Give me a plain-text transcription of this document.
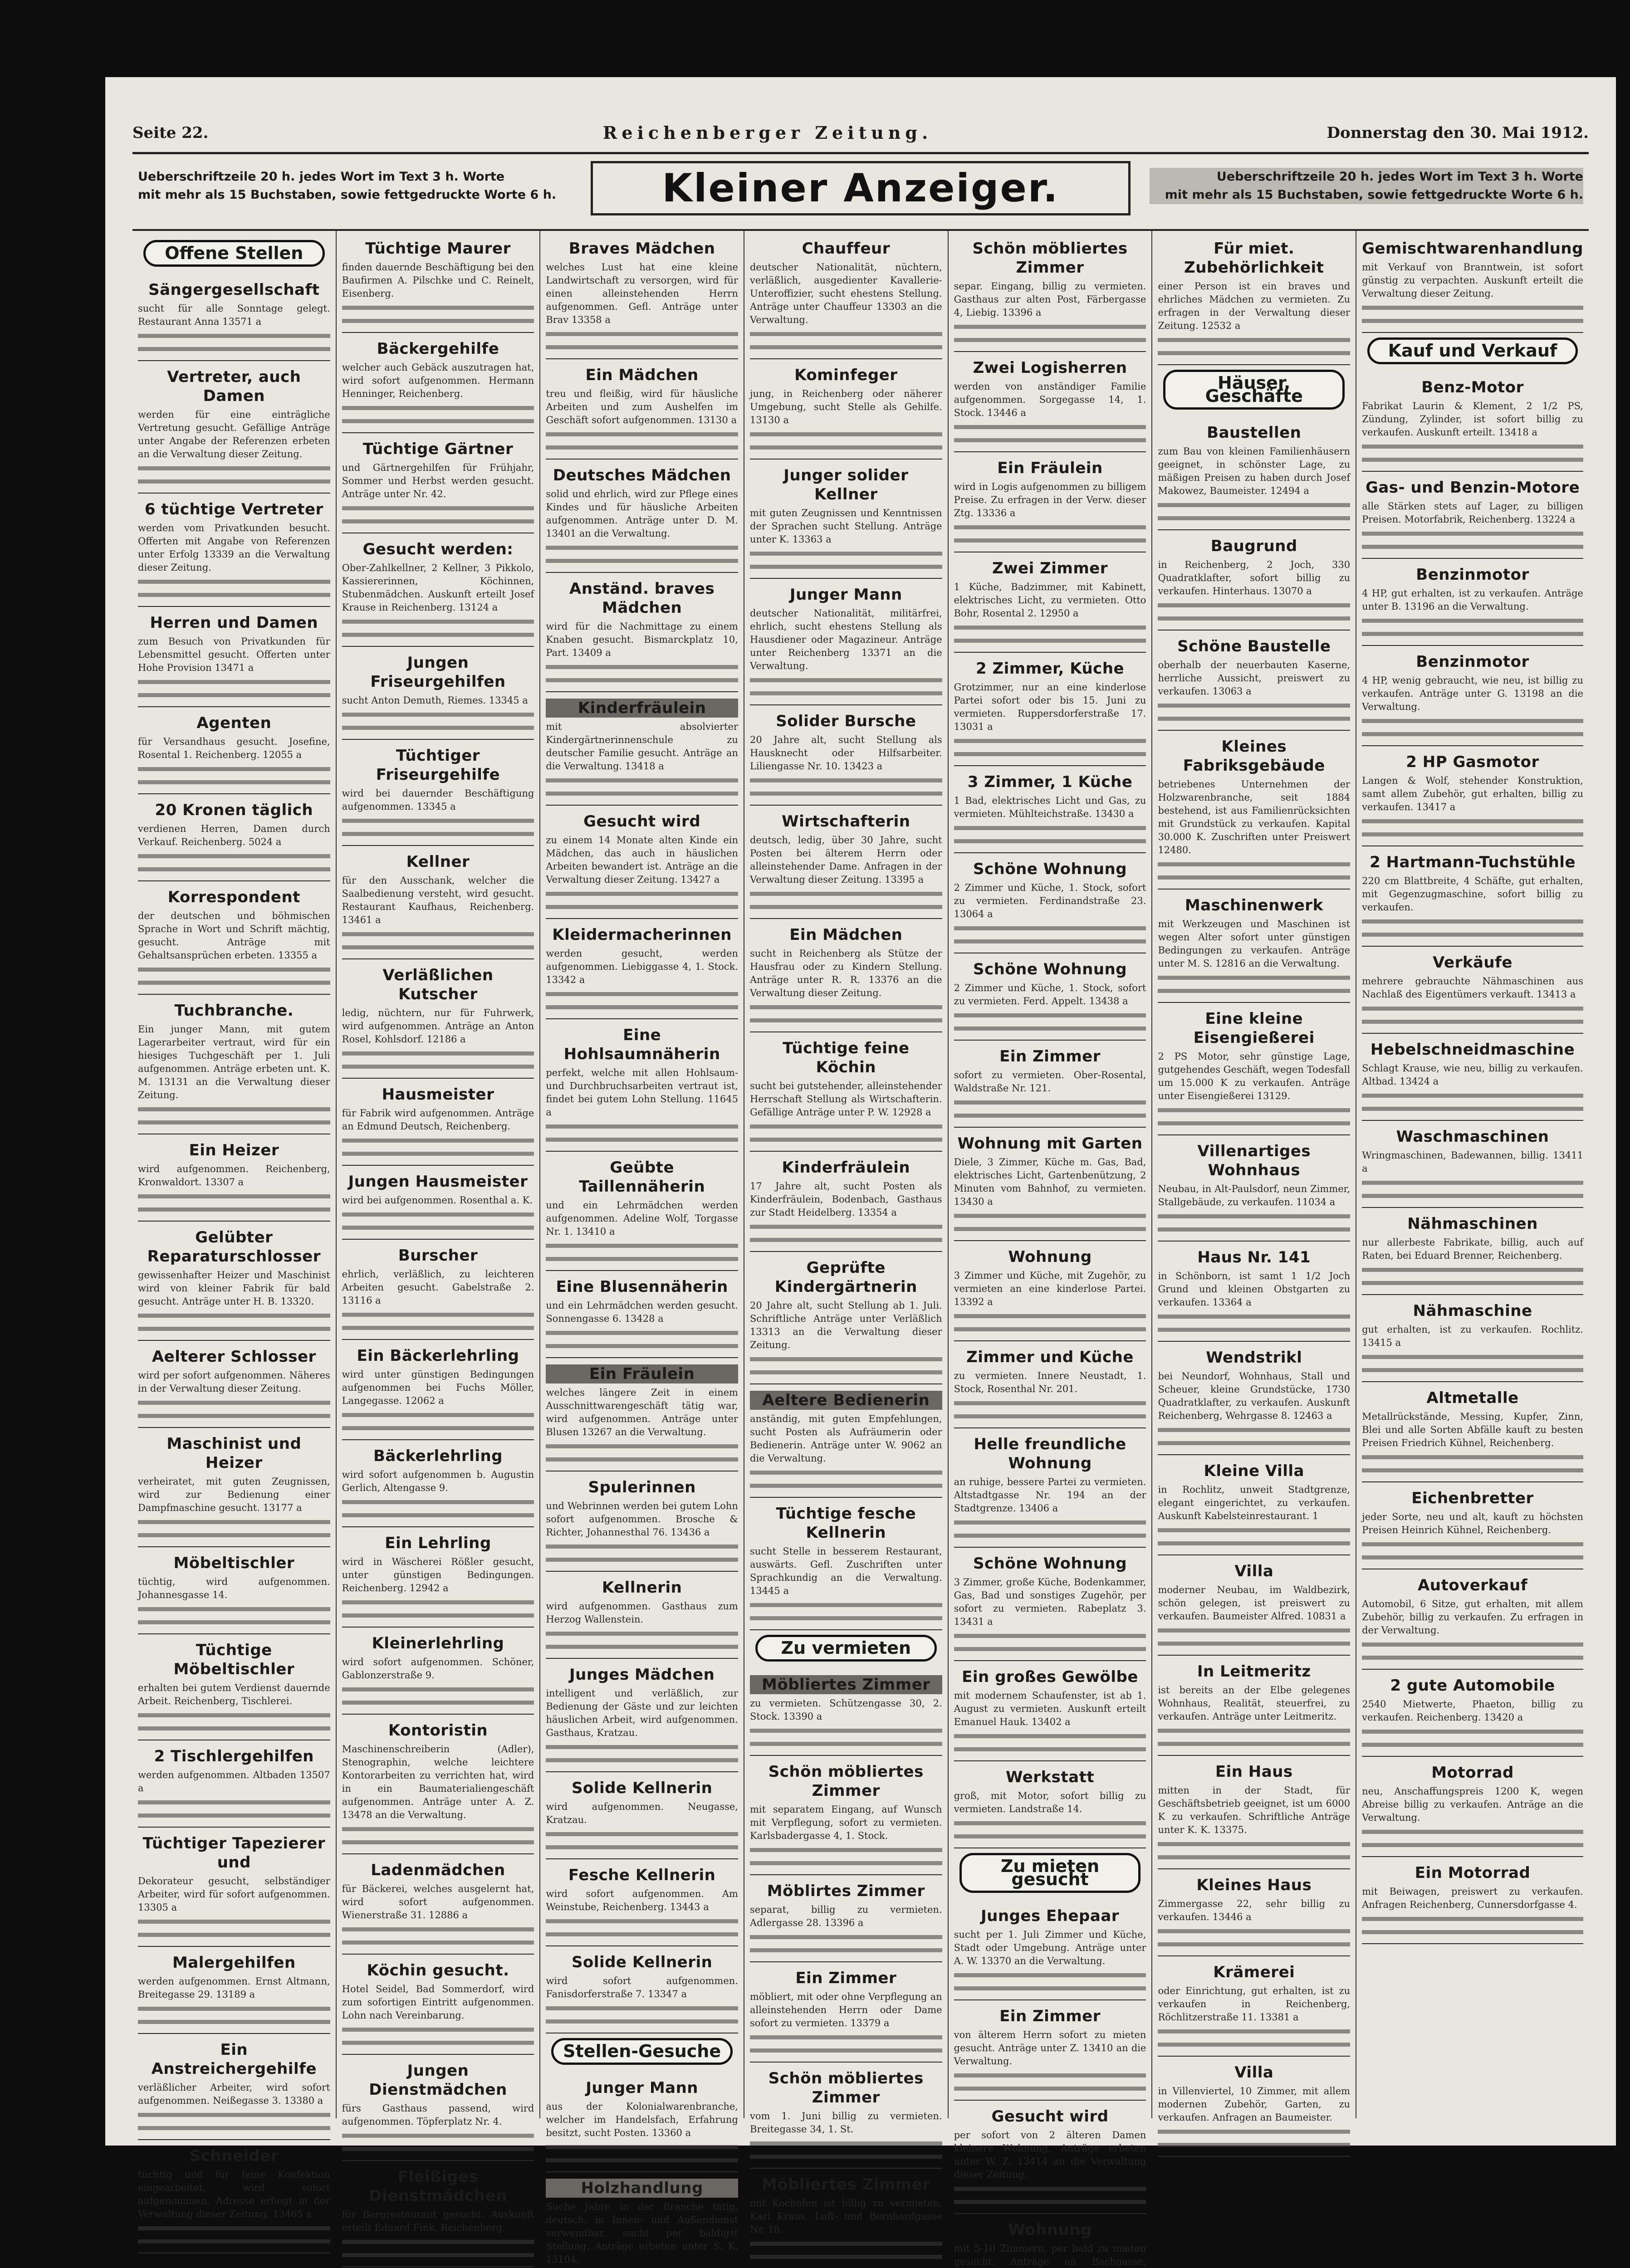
Seite 22.	Reichenberger Zeitung.	Donnerstag den 30. Mai 1912.
Ueberschriftzeile 20 h. jedes Wort im Text 3 h. Worte
mit mehr als 15 Buchstaben, sowie fettgedruckte Worte 6 h.	Kleiner Anzeiger.	Ueberschriftzeile 20 h. jedes Wort im Text 3 h. Worte
mit mehr als 15 Buchstaben, sowie fettgedruckte Worte 6 h.
Offene Stellen
Sängergesellschaft
sucht für alle Sonntage gelegt. Restaurant Anna 13571 a
Vertreter, auch Damen
werden für eine einträgliche Vertretung gesucht. Gefällige Anträge unter Angabe der Referenzen erbeten an die Verwaltung dieser Zeitung.
6 tüchtige Vertreter
werden vom Privatkunden besucht. Offerten mit Angabe von Referenzen unter Erfolg 13339 an die Verwaltung dieser Zeitung.
Herren und Damen
zum Besuch von Privatkunden für Lebensmittel gesucht. Offerten unter Hohe Provision 13471 a
Agenten
für Versandhaus gesucht. Josefine, Rosental 1. Reichenberg. 12055 a
20 Kronen täglich
verdienen Herren, Damen durch Verkauf. Reichenberg. 5024 a
Korrespondent
der deutschen und böhmischen Sprache in Wort und Schrift mächtig, gesucht. Anträge mit Gehaltsansprüchen erbeten. 13355 a
Tuchbranche.
Ein junger Mann, mit gutem Lagerarbeiter vertraut, wird für ein hiesiges Tuchgeschäft per 1. Juli aufgenommen. Anträge erbeten unt. K. M. 13131 an die Verwaltung dieser Zeitung.
Ein Heizer
wird aufgenommen. Reichenberg, Kronwaldort. 13307 a
Gelübter Reparaturschlosser
gewissenhafter Heizer und Maschinist wird von kleiner Fabrik für bald gesucht. Anträge unter H. B. 13320.
Aelterer Schlosser
wird per sofort aufgenommen. Näheres in der Verwaltung dieser Zeitung.
Maschinist und Heizer
verheiratet, mit guten Zeugnissen, wird zur Bedienung einer Dampfmaschine gesucht. 13177 a
Möbeltischler
tüchtig, wird aufgenommen. Johannesgasse 14.
Tüchtige Möbeltischler
erhalten bei gutem Verdienst dauernde Arbeit. Reichenberg, Tischlerei.
2 Tischlergehilfen
werden aufgenommen. Altbaden 13507 a
Tüchtiger Tapezierer und
Dekorateur gesucht, selbständiger Arbeiter, wird für sofort aufgenommen. 13305 a
Malergehilfen
werden aufgenommen. Ernst Altmann, Breitegasse 29. 13189 a
Ein Anstreichergehilfe
verläßlicher Arbeiter, wird sofort aufgenommen. Neißegasse 3. 13380 a
Schneider
tüchtig und für feine Konfektion eingearbeitet, wird sofort aufgenommen. Adresse erliegt in der Verwaltung dieser Zeitung. 13465 a
Tüchtige Maurer
finden dauernde Beschäftigung bei den Baufirmen A. Pilschke und C. Reinelt, Eisenberg.
Bäckergehilfe
welcher auch Gebäck auszutragen hat, wird sofort aufgenommen. Hermann Henninger, Reichenberg.
Tüchtige Gärtner
und Gärtnergehilfen für Frühjahr, Sommer und Herbst werden gesucht. Anträge unter Nr. 42.
Gesucht werden:
Ober-Zahlkellner, 2 Kellner, 3 Pikkolo, Kassiererinnen, Köchinnen, Stubenmädchen. Auskunft erteilt Josef Krause in Reichenberg. 13124 a
Jungen Friseurgehilfen
sucht Anton Demuth, Riemes. 13345 a
Tüchtiger Friseurgehilfe
wird bei dauernder Beschäftigung aufgenommen. 13345 a
Kellner
für den Ausschank, welcher die Saalbedienung versteht, wird gesucht. Restaurant Kaufhaus, Reichenberg. 13461 a
Verläßlichen Kutscher
ledig, nüchtern, nur für Fuhrwerk, wird aufgenommen. Anträge an Anton Rosel, Kohlsdorf. 12186 a
Hausmeister
für Fabrik wird aufgenommen. Anträge an Edmund Deutsch, Reichenberg.
Jungen Hausmeister
wird bei aufgenommen. Rosenthal a. K.
Burscher
ehrlich, verläßlich, zu leichteren Arbeiten gesucht. Gabelstraße 2. 13116 a
Ein Bäckerlehrling
wird unter günstigen Bedingungen aufgenommen bei Fuchs Möller, Langegasse. 12062 a
Bäckerlehrling
wird sofort aufgenommen b. Augustin Gerlich, Altengasse 9.
Ein Lehrling
wird in Wäscherei Rößler gesucht, unter günstigen Bedingungen. Reichenberg. 12942 a
Kleinerlehrling
wird sofort aufgenommen. Schöner, Gablonzerstraße 9.
Kontoristin
Maschinenschreiberin (Adler), Stenographin, welche leichtere Kontorarbeiten zu verrichten hat, wird in ein Baumaterialiengeschäft aufgenommen. Anträge unter A. Z. 13478 an die Verwaltung.
Ladenmädchen
für Bäckerei, welches ausgelernt hat, wird sofort aufgenommen. Wienerstraße 31. 12886 a
Köchin gesucht.
Hotel Seidel, Bad Sommerdorf, wird zum sofortigen Eintritt aufgenommen. Lohn nach Vereinbarung.
Jungen Dienstmädchen
fürs Gasthaus passend, wird aufgenommen. Töpferplatz Nr. 4.
Fleißiges Dienstmädchen
für Bergrestaurant gesucht. Auskunft erteilt Eduard Fink, Reichenberg.
Braves Mädchen
welches Lust hat eine kleine Landwirtschaft zu versorgen, wird für einen alleinstehenden Herrn aufgenommen. Gefl. Anträge unter Brav 13358 a
Ein Mädchen
treu und fleißig, wird für häusliche Arbeiten und zum Aushelfen im Geschäft sofort aufgenommen. 13130 a
Deutsches Mädchen
solid und ehrlich, wird zur Pflege eines Kindes und für häusliche Arbeiten aufgenommen. Anträge unter D. M. 13401 an die Verwaltung.
Anständ. braves Mädchen
wird für die Nachmittage zu einem Knaben gesucht. Bismarckplatz 10, Part. 13409 a
Kinderfräulein
mit absolvierter Kindergärtnerinnenschule zu deutscher Familie gesucht. Anträge an die Verwaltung. 13418 a
Gesucht wird
zu einem 14 Monate alten Kinde ein Mädchen, das auch in häuslichen Arbeiten bewandert ist. Anträge an die Verwaltung dieser Zeitung. 13427 a
Kleidermacherinnen
werden gesucht, werden aufgenommen. Liebiggasse 4, 1. Stock. 13342 a
Eine Hohlsaumnäherin
perfekt, welche mit allen Hohlsaum- und Durchbruchsarbeiten vertraut ist, findet bei gutem Lohn Stellung. 11645 a
Geübte Taillennäherin
und ein Lehrmädchen werden aufgenommen. Adeline Wolf, Torgasse Nr. 1. 13410 a
Eine Blusennäherin
und ein Lehrmädchen werden gesucht. Sonnengasse 6. 13428 a
Ein Fräulein
welches längere Zeit in einem Ausschnittwarengeschäft tätig war, wird aufgenommen. Anträge unter Blusen 13267 an die Verwaltung.
Spulerinnen
und Webrinnen werden bei gutem Lohn sofort aufgenommen. Brosche & Richter, Johannesthal 76. 13436 a
Kellnerin
wird aufgenommen. Gasthaus zum Herzog Wallenstein.
Junges Mädchen
intelligent und verläßlich, zur Bedienung der Gäste und zur leichten häuslichen Arbeit, wird aufgenommen. Gasthaus, Kratzau.
Solide Kellnerin
wird aufgenommen. Neugasse, Kratzau.
Fesche Kellnerin
wird sofort aufgenommen. Am Weinstube, Reichenberg. 13443 a
Solide Kellnerin
wird sofort aufgenommen. Fanisdorferstraße 7. 13347 a
Stellen-Gesuche
Junger Mann
aus der Kolonialwarenbranche, welcher im Handelsfach, Erfahrung besitzt, sucht Posten. 13360 a
Holzhandlung
Suche Jahre in der Branche tätig, deutsch, in Innen- und Außendienst verwendbar, sucht per baldigst Stellung. Anträge erbeten unter S. K. 13104.
Chauffeur
deutscher Nationalität, nüchtern, verläßlich, ausgedienter Kavallerie-Unteroffizier, sucht ehestens Stellung. Anträge unter Chauffeur 13303 an die Verwaltung.
Kominfeger
jung, in Reichenberg oder näherer Umgebung, sucht Stelle als Gehilfe. 13130 a
Junger solider Kellner
mit guten Zeugnissen und Kenntnissen der Sprachen sucht Stellung. Anträge unter K. 13363 a
Junger Mann
deutscher Nationalität, militärfrei, ehrlich, sucht ehestens Stellung als Hausdiener oder Magazineur. Anträge unter Reichenberg 13371 an die Verwaltung.
Solider Bursche
20 Jahre alt, sucht Stellung als Hausknecht oder Hilfsarbeiter. Liliengasse Nr. 10. 13423 a
Wirtschafterin
deutsch, ledig, über 30 Jahre, sucht Posten bei älterem Herrn oder alleinstehender Dame. Anfragen in der Verwaltung dieser Zeitung. 13395 a
Ein Mädchen
sucht in Reichenberg als Stütze der Hausfrau oder zu Kindern Stellung. Anträge unter R. R. 13376 an die Verwaltung dieser Zeitung.
Tüchtige feine Köchin
sucht bei gutstehender, alleinstehender Herrschaft Stellung als Wirtschafterin. Gefällige Anträge unter P. W. 12928 a
Kinderfräulein
17 Jahre alt, sucht Posten als Kinderfräulein, Bodenbach, Gasthaus zur Stadt Heidelberg. 13354 a
Geprüfte Kindergärtnerin
20 Jahre alt, sucht Stellung ab 1. Juli. Schriftliche Anträge unter Verläßlich 13313 an die Verwaltung dieser Zeitung.
Aeltere Bedienerin
anständig, mit guten Empfehlungen, sucht Posten als Aufräumerin oder Bedienerin. Anträge unter W. 9062 an die Verwaltung.
Tüchtige fesche Kellnerin
sucht Stelle in besserem Restaurant, auswärts. Gefl. Zuschriften unter Sprachkundig an die Verwaltung. 13445 a
Zu vermieten
Möbliertes Zimmer
zu vermieten. Schützengasse 30, 2. Stock. 13390 a
Schön möbliertes Zimmer
mit separatem Eingang, auf Wunsch mit Verpflegung, sofort zu vermieten. Karlsbadergasse 4, 1. Stock.
Möblirtes Zimmer
separat, billig zu vermieten. Adlergasse 28. 13396 a
Ein Zimmer
möbliert, mit oder ohne Verpflegung an alleinstehenden Herrn oder Dame sofort zu vermieten. 13379 a
Schön möbliertes Zimmer
vom 1. Juni billig zu vermieten. Breitegasse 34, 1. St.
Möbliertes Zimmer
mit Kochofen ist billig zu vermieten, Karl Kraus, Luft- und Bernhardgasse Nr. 18.
Schön möbliertes Zimmer
separ. Eingang, billig zu vermieten. Gasthaus zur alten Post, Färbergasse 4, Liebig. 13396 a
Zwei Logisherren
werden von anständiger Familie aufgenommen. Sorgegasse 14, 1. Stock. 13446 a
Ein Fräulein
wird in Logis aufgenommen zu billigem Preise. Zu erfragen in der Verw. dieser Ztg. 13336 a
Zwei Zimmer
1 Küche, Badzimmer, mit Kabinett, elektrisches Licht, zu vermieten. Otto Bohr, Rosental 2. 12950 a
2 Zimmer, Küche
Grotzimmer, nur an eine kinderlose Partei sofort oder bis 15. Juni zu vermieten. Ruppersdorferstraße 17. 13031 a
3 Zimmer, 1 Küche
1 Bad, elektrisches Licht und Gas, zu vermieten. Mühlteichstraße. 13430 a
Schöne Wohnung
2 Zimmer und Küche, 1. Stock, sofort zu vermieten. Ferdinandstraße 23. 13064 a
Schöne Wohnung
2 Zimmer und Küche, 1. Stock, sofort zu vermieten. Ferd. Appelt. 13438 a
Ein Zimmer
sofort zu vermieten. Ober-Rosental, Waldstraße Nr. 121.
Wohnung mit Garten
Diele, 3 Zimmer, Küche m. Gas, Bad, elektrisches Licht, Gartenbenützung, 2 Minuten vom Bahnhof, zu vermieten. 13430 a
Wohnung
3 Zimmer und Küche, mit Zugehör, zu vermieten an eine kinderlose Partei. 13392 a
Zimmer und Küche
zu vermieten. Innere Neustadt, 1. Stock, Rosenthal Nr. 201.
Helle freundliche Wohnung
an ruhige, bessere Partei zu vermieten. Altstadtgasse Nr. 194 an der Stadtgrenze. 13406 a
Schöne Wohnung
3 Zimmer, große Küche, Bodenkammer, Gas, Bad und sonstiges Zugehör, per sofort zu vermieten. Rabeplatz 3. 13431 a
Ein großes Gewölbe
mit modernem Schaufenster, ist ab 1. August zu vermieten. Auskunft erteilt Emanuel Hauk. 13402 a
Werkstatt
groß, mit Motor, sofort billig zu vermieten. Landstraße 14.
Zu mieten gesucht
Junges Ehepaar
sucht per 1. Juli Zimmer und Küche, Stadt oder Umgebung. Anträge unter A. W. 13370 an die Verwaltung.
Ein Zimmer
von älterem Herrn sofort zu mieten gesucht. Anträge unter Z. 13410 an die Verwaltung.
Gesucht wird
per sofort von 2 älteren Damen kleinere Wohnung. Anträge erbeten unter W. Z. 13414 an die Verwaltung dieser Zeitung.
Wohnung
mit 5-10 Zimmern, per bald zu mieten gesucht. Anträge an Bachgasse,
Für miet. Zubehörlichkeit
einer Person ist ein braves und ehrliches Mädchen zu vermieten. Zu erfragen in der Verwaltung dieser Zeitung. 12532 a
Häuser, Geschäfte
Baustellen
zum Bau von kleinen Familienhäusern geeignet, in schönster Lage, zu mäßigen Preisen zu haben durch Josef Makowez, Baumeister. 12494 a
Baugrund
in Reichenberg, 2 Joch, 330 Quadratklafter, sofort billig zu verkaufen. Hinterhaus. 13070 a
Schöne Baustelle
oberhalb der neuerbauten Kaserne, herrliche Aussicht, preiswert zu verkaufen. 13063 a
Kleines Fabriksgebäude
betriebenes Unternehmen der Holzwarenbranche, seit 1884 bestehend, ist aus Familienrücksichten mit Grundstück zu verkaufen. Kapital 30.000 K. Zuschriften unter Preiswert 12480.
Maschinenwerk
mit Werkzeugen und Maschinen ist wegen Alter sofort unter günstigen Bedingungen zu verkaufen. Anträge unter M. S. 12816 an die Verwaltung.
Eine kleine Eisengießerei
2 PS Motor, sehr günstige Lage, gutgehendes Geschäft, wegen Todesfall um 15.000 K zu verkaufen. Anträge unter Eisengießerei 13129.
Villenartiges Wohnhaus
Neubau, in Alt-Paulsdorf, neun Zimmer, Stallgebäude, zu verkaufen. 11034 a
Haus Nr. 141
in Schönborn, ist samt 1 1/2 Joch Grund und kleinen Obstgarten zu verkaufen. 13364 a
Wendstrikl
bei Neundorf, Wohnhaus, Stall und Scheuer, kleine Grundstücke, 1730 Quadratklafter, zu verkaufen. Auskunft Reichenberg, Wehrgasse 8. 12463 a
Kleine Villa
in Rochlitz, unweit Stadtgrenze, elegant eingerichtet, zu verkaufen. Auskunft Kabelsteinrestaurant. 1
Villa
moderner Neubau, im Waldbezirk, schön gelegen, ist preiswert zu verkaufen. Baumeister Alfred. 10831 a
In Leitmeritz
ist bereits an der Elbe gelegenes Wohnhaus, Realität, steuerfrei, zu verkaufen. Anträge unter Leitmeritz.
Ein Haus
mitten in der Stadt, für Geschäftsbetrieb geeignet, ist um 6000 K zu verkaufen. Schriftliche Anträge unter K. K. 13375.
Kleines Haus
Zimmergasse 22, sehr billig zu verkaufen. 13446 a
Krämerei
oder Einrichtung, gut erhalten, ist zu verkaufen in Reichenberg, Röchlitzerstraße 11. 13381 a
Villa
in Villenviertel, 10 Zimmer, mit allem modernen Zubehör, Garten, zu verkaufen. Anfragen an Baumeister.
Gemischtwarenhandlung
mit Verkauf von Branntwein, ist sofort günstig zu verpachten. Auskunft erteilt die Verwaltung dieser Zeitung.
Kauf und Verkauf
Benz-Motor
Fabrikat Laurin & Klement, 2 1/2 PS, Zündung, Zylinder, ist sofort billig zu verkaufen. Auskunft erteilt. 13418 a
Gas- und Benzin-Motore
alle Stärken stets auf Lager, zu billigen Preisen. Motorfabrik, Reichenberg. 13224 a
Benzinmotor
4 HP, gut erhalten, ist zu verkaufen. Anträge unter B. 13196 an die Verwaltung.
Benzinmotor
4 HP, wenig gebraucht, wie neu, ist billig zu verkaufen. Anträge unter G. 13198 an die Verwaltung.
2 HP Gasmotor
Langen & Wolf, stehender Konstruktion, samt allem Zubehör, gut erhalten, billig zu verkaufen. 13417 a
2 Hartmann-Tuchstühle
220 cm Blattbreite, 4 Schäfte, gut erhalten, mit Gegenzugmaschine, sofort billig zu verkaufen.
Verkäufe
mehrere gebrauchte Nähmaschinen aus Nachlaß des Eigentümers verkauft. 13413 a
Hebelschneidmaschine
Schlagt Krause, wie neu, billig zu verkaufen. Altbad. 13424 a
Waschmaschinen
Wringmaschinen, Badewannen, billig. 13411 a
Nähmaschinen
nur allerbeste Fabrikate, billig, auch auf Raten, bei Eduard Brenner, Reichenberg.
Nähmaschine
gut erhalten, ist zu verkaufen. Rochlitz. 13415 a
Altmetalle
Metallrückstände, Messing, Kupfer, Zinn, Blei und alle Sorten Abfälle kauft zu besten Preisen Friedrich Kühnel, Reichenberg.
Eichenbretter
jeder Sorte, neu und alt, kauft zu höchsten Preisen Heinrich Kühnel, Reichenberg.
Autoverkauf
Automobil, 6 Sitze, gut erhalten, mit allem Zubehör, billig zu verkaufen. Zu erfragen in der Verwaltung.
2 gute Automobile
2540 Mietwerte, Phaeton, billig zu verkaufen. Reichenberg. 13420 a
Motorrad
neu, Anschaffungspreis 1200 K, wegen Abreise billig zu verkaufen. Anträge an die Verwaltung.
Ein Motorrad
mit Beiwagen, preiswert zu verkaufen. Anfragen Reichenberg, Cunnersdorfgasse 4.
